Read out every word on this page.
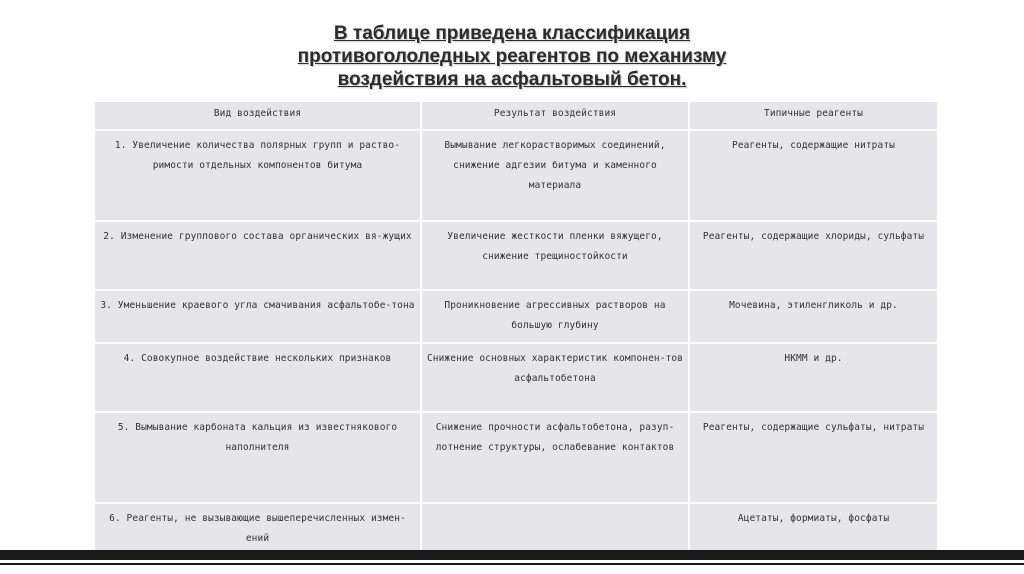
В таблице приведена классификация
противогололедных реагентов по механизму
воздействия на асфальтовый бетон.
Вид воздействия	Результат воздействия	Типичные реагенты
1. Увеличение количества полярных групп и раство-римости отдельных компонентов битума	Вымывание легкорастворимых соединений, снижение адгезии битума и каменного материала	Реагенты, содержащие нитраты
2. Изменение группового состава органических вя-жущих	Увеличение жесткости пленки вяжущего, снижение трещиностойкости	Реагенты, содержащие хлориды, сульфаты
3. Уменьшение краевого угла смачивания асфальтобе-тона	Проникновение агрессивных растворов на большую глубину	Мочевина, этиленгликоль и др.
4. Совокупное воздействие нескольких признаков	Снижение основных характеристик компонен-тов асфальтобетона	НКММ и др.
5. Вымывание карбоната кальция из известнякового наполнителя	Снижение прочности асфальтобетона, разуп-лотнение структуры, ослабевание контактов	Реагенты, содержащие сульфаты, нитраты
6. Реагенты, не вызывающие вышеперечисленных измен-ений		Ацетаты, формиаты, фосфаты
